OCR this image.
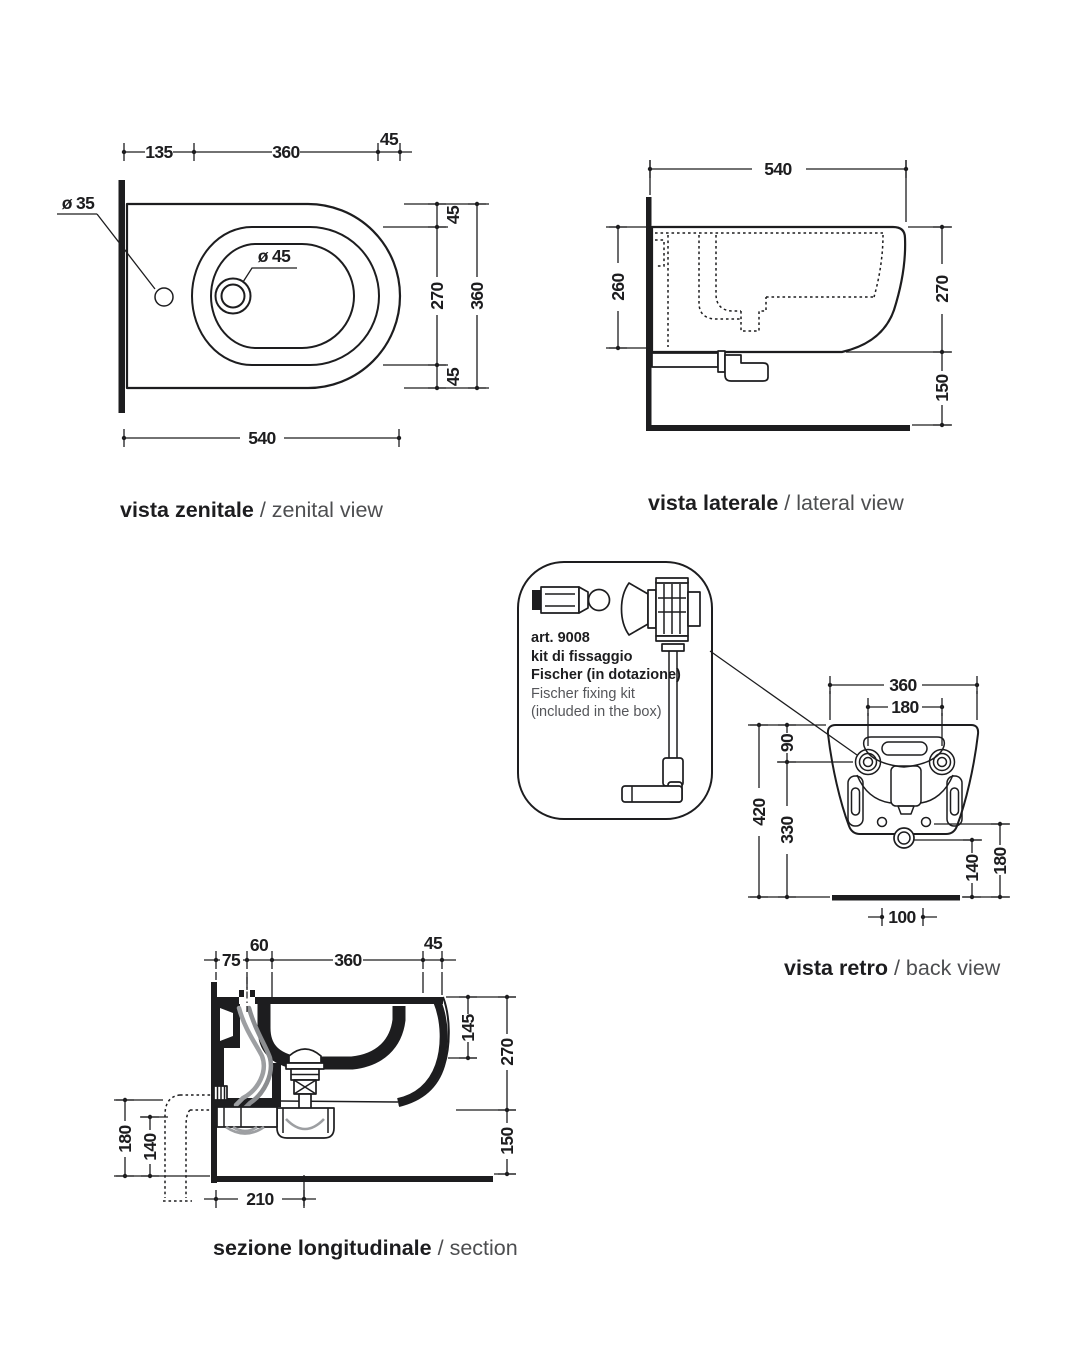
ø 35
ø 45
135	360
45
45
270
45
360
540
540
260	270
150
360
180
420
90
330
140 180
100
75
60
360
45
145
270
150
180 140
210
vista zenitale / zenital view	vista laterale / lateral view
vista retro / back view
sezione longitudinale / section
art. 9008
kit di fissaggio
Fischer (in dotazione)
Fischer fixing kit
(included in the box)
